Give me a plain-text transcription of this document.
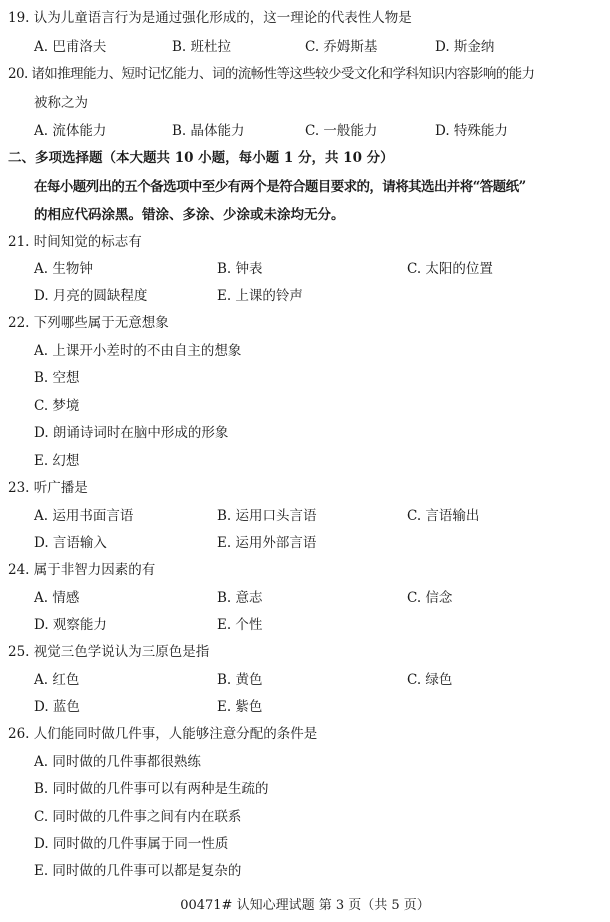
19. 认为儿童语言行为是通过强化形成的，这一理论的代表性人物是
A. 巴甫洛夫	B. 班杜拉	C. 乔姆斯基	D. 斯金纳
20. 诸如推理能力、短时记忆能力、词的流畅性等这些较少受文化和学科知识内容影响的能力
被称之为
A. 流体能力	B. 晶体能力	C. 一般能力	D. 特殊能力
二、多项选择题（本大题共 10 小题，每小题 1 分，共 10 分）
在每小题列出的五个备选项中至少有两个是符合题目要求的，请将其选出并将“答题纸”
的相应代码涂黑。错涂、多涂、少涂或未涂均无分。
21. 时间知觉的标志有
A. 生物钟	B. 钟表	C. 太阳的位置
D. 月亮的圆缺程度	E. 上课的铃声
22. 下列哪些属于无意想象
A. 上课开小差时的不由自主的想象
B. 空想
C. 梦境
D. 朗诵诗词时在脑中形成的形象
E. 幻想
23. 听广播是
A. 运用书面言语	B. 运用口头言语	C. 言语输出
D. 言语输入	E. 运用外部言语
24. 属于非智力因素的有
A. 情感	B. 意志	C. 信念
D. 观察能力	E. 个性
25. 视觉三色学说认为三原色是指
A. 红色	B. 黄色	C. 绿色
D. 蓝色	E. 紫色
26. 人们能同时做几件事，人能够注意分配的条件是
A. 同时做的几件事都很熟练
B. 同时做的几件事可以有两种是生疏的
C. 同时做的几件事之间有内在联系
D. 同时做的几件事属于同一性质
E. 同时做的几件事可以都是复杂的
00471# 认知心理试题 第 3 页（共 5 页）
